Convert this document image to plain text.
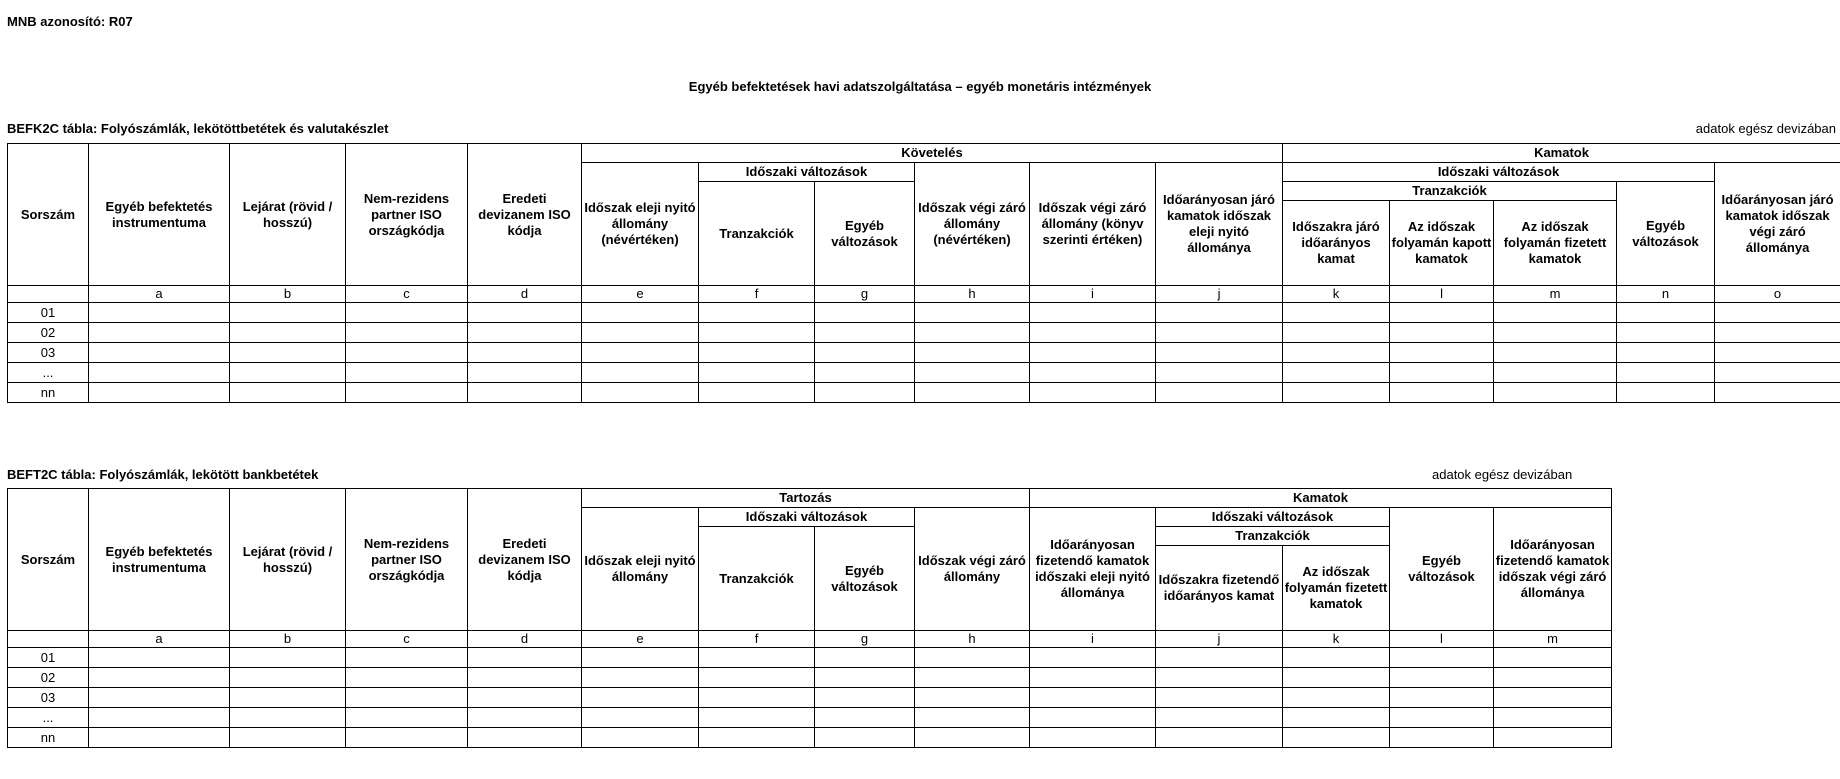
MNB azonosító: R07
Egyéb befektetések havi adatszolgáltatása – egyéb monetáris intézmények
BEFK2C tábla: Folyószámlák, lekötöttbetétek és valutakészlet	adatok egész devizában
Sorszám	Egyéb befektetés instrumentuma	Lejárat (rövid / hosszú)	Nem-rezidens partner ISO országkódja	Eredeti devizanem ISO kódja	Követelés						Kamatok				
					Időszak eleji nyitó állomány (névértéken)	Időszaki változások		Időszak végi záró állomány (névértéken)	Időszak végi záró állomány (könyv szerinti értéken)	Időarányosan járó kamatok időszak eleji nyitó állománya	Időszaki változások				Időarányosan járó kamatok időszak végi záró állománya
						Tranzakciók	Egyéb változások				Tranzakciók			Egyéb változások	
											Időszakra járó időarányos kamat	Az időszak folyamán kapott kamatok	Az időszak folyamán fizetett kamatok		
	a	b	c	d	e	f	g	h	i	j	k	l	m	n	o
01															
02															
03															
...															
nn															
BEFT2C tábla: Folyószámlák, lekötött bankbetétek	adatok egész devizában
Sorszám	Egyéb befektetés instrumentuma	Lejárat (rövid / hosszú)	Nem-rezidens partner ISO országkódja	Eredeti devizanem ISO kódja	Tartozás				Kamatok				
					Időszak eleji nyitó állomány	Időszaki változások		Időszak végi záró állomány	Időarányosan fizetendő kamatok időszaki eleji nyitó állománya	Időszaki változások		Egyéb változások	Időarányosan fizetendő kamatok időszak végi záró állománya
						Tranzakciók	Egyéb változások			Tranzakciók			
										Időszakra fizetendő időarányos kamat	Az időszak folyamán fizetett kamatok		
	a	b	c	d	e	f	g	h	i	j	k	l	m
01													
02													
03													
...													
nn													
